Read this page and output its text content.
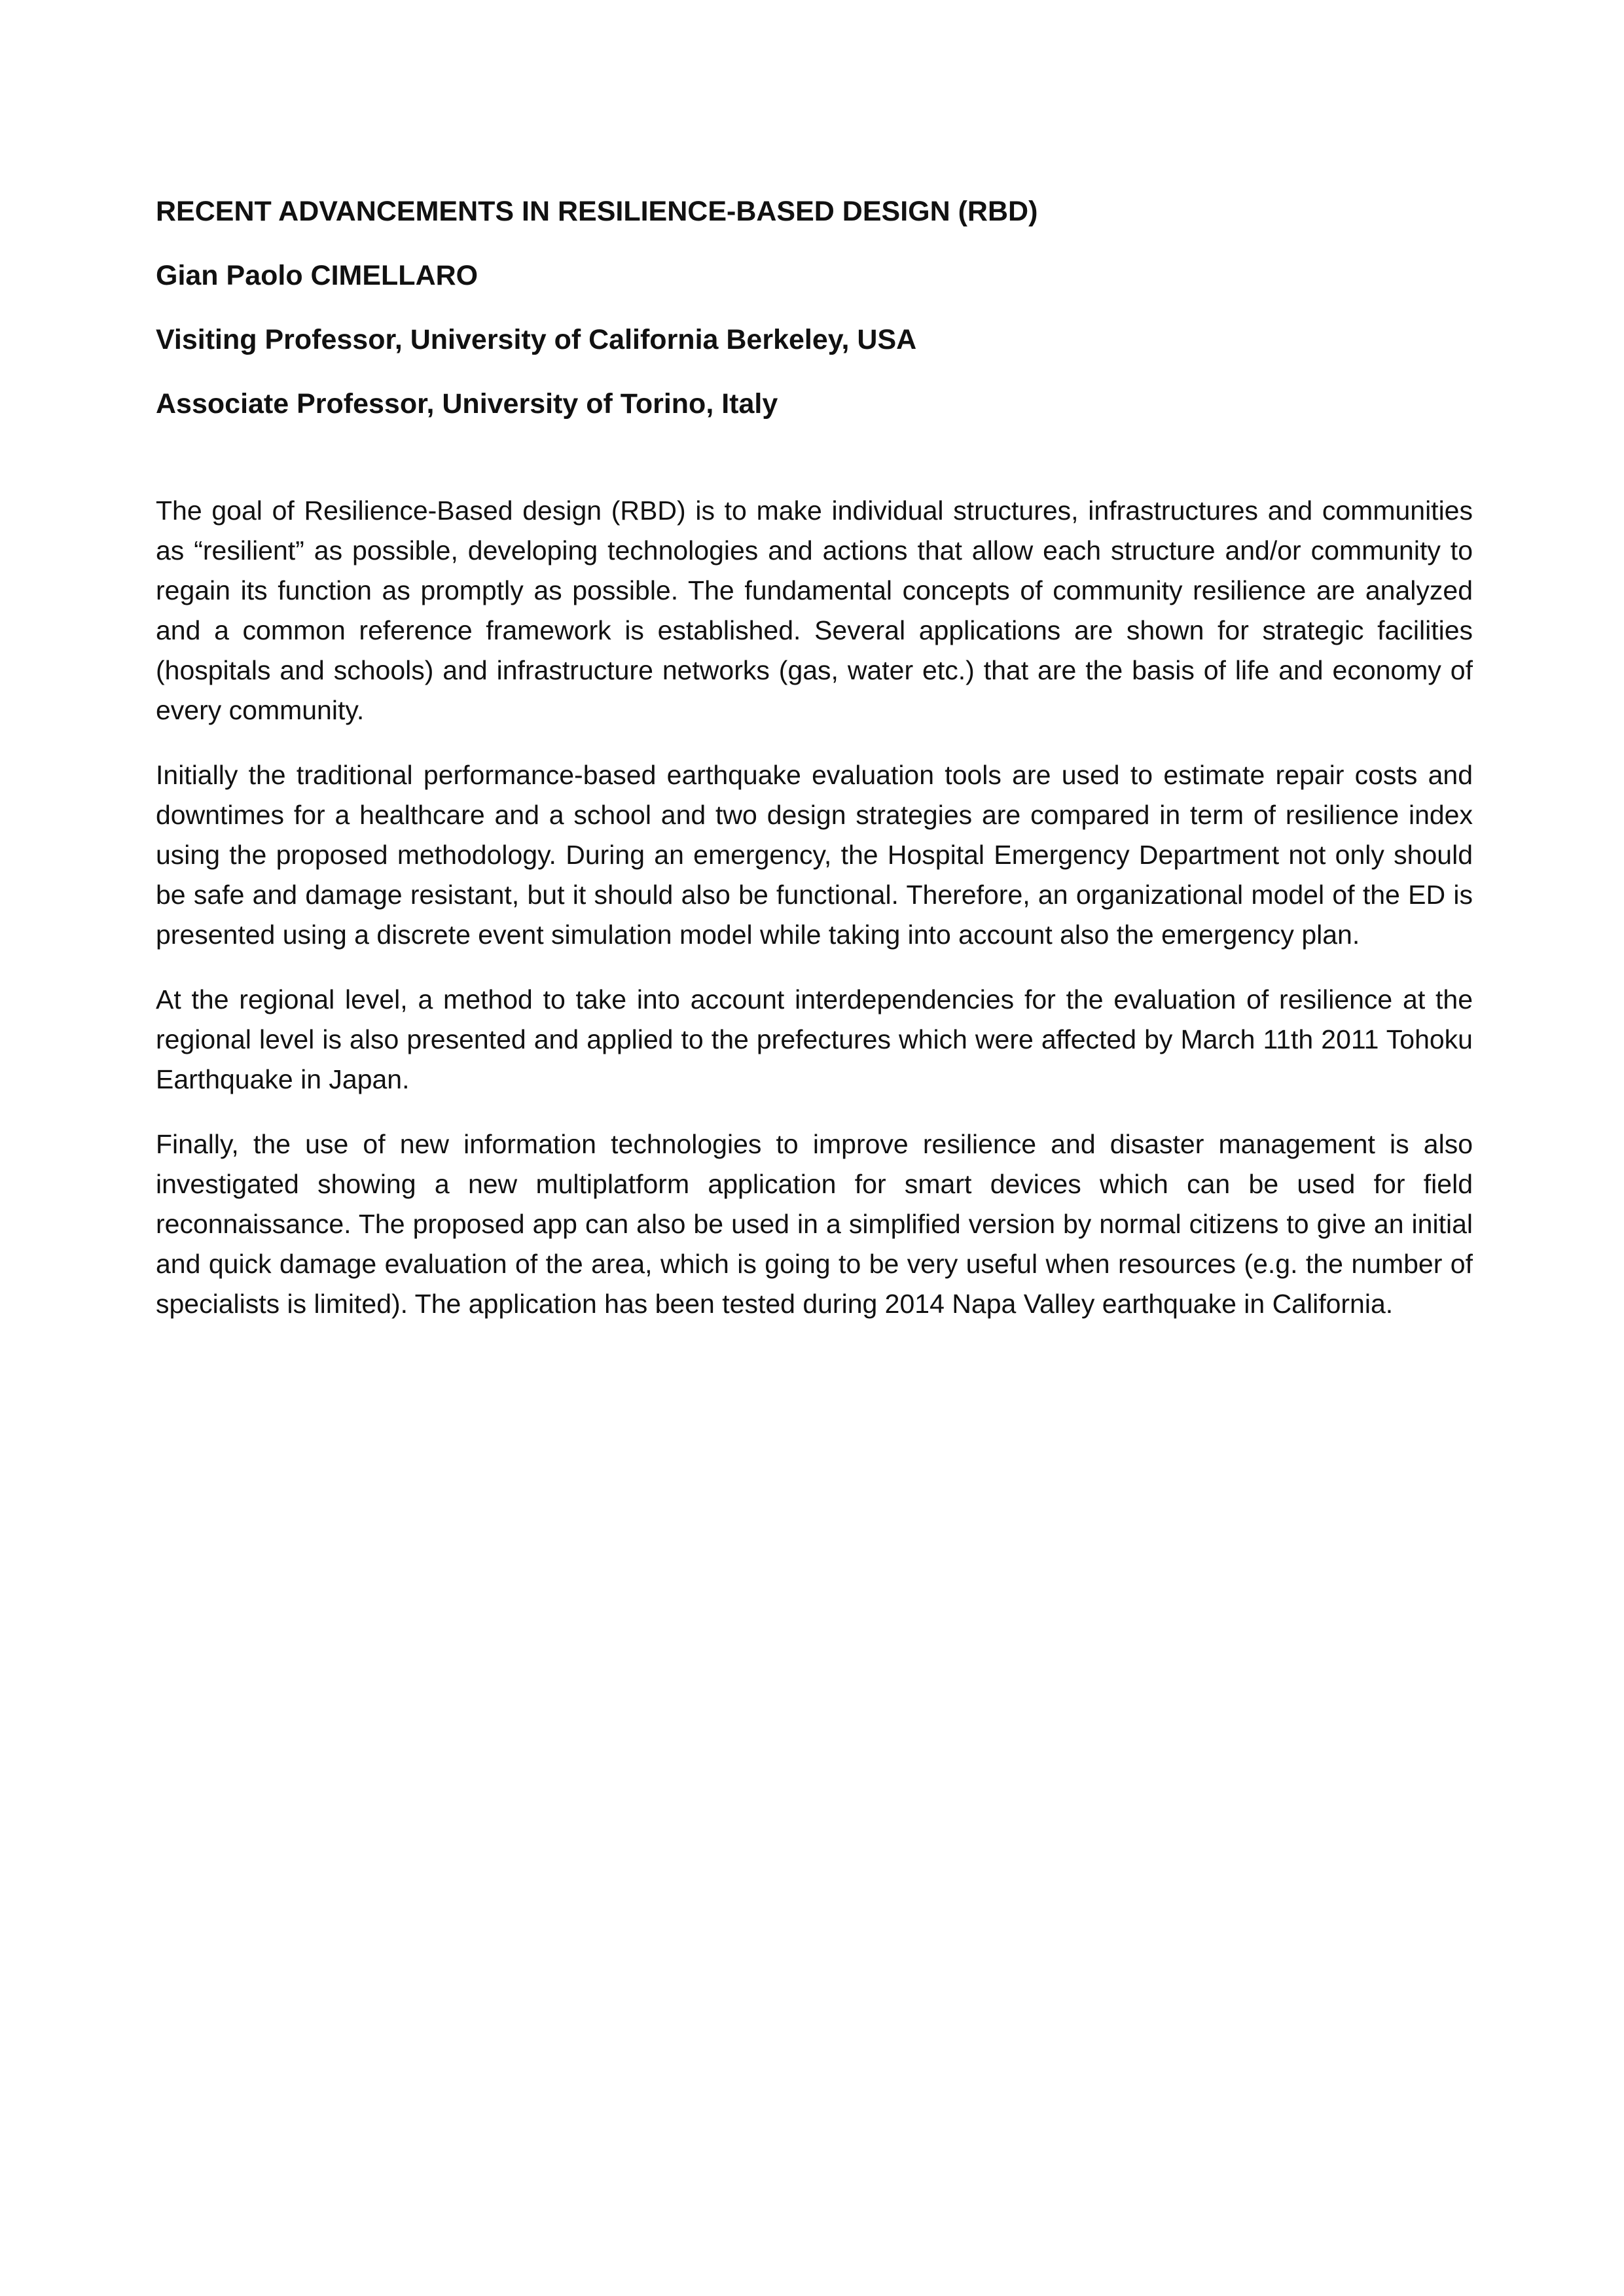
RECENT ADVANCEMENTS IN RESILIENCE-BASED DESIGN (RBD)
Gian Paolo CIMELLARO
Visiting Professor, University of California Berkeley, USA
Associate Professor, University of Torino, Italy

The goal of Resilience-Based design (RBD) is to make individual structures, infrastructures and communities as “resilient” as possible, developing technologies and actions that allow each structure and/or community to regain its function as promptly as possible. The fundamental concepts of community resilience are analyzed and a common reference framework is established. Several applications are shown for strategic facilities (hospitals and schools) and infrastructure networks (gas, water etc.) that are the basis of life and economy of every community.

Initially the traditional performance-based earthquake evaluation tools are used to estimate repair costs and downtimes for a healthcare and a school and two design strategies are compared in term of resilience index using the proposed methodology. During an emergency, the Hospital Emergency Department not only should be safe and damage resistant, but it should also be functional. Therefore, an organizational model of the ED is presented using a discrete event simulation model while taking into account also the emergency plan.

At the regional level, a method to take into account interdependencies for the evaluation of resilience at the regional level is also presented and applied to the prefectures which were affected by March 11th 2011 Tohoku Earthquake in Japan.

Finally, the use of new information technologies to improve resilience and disaster management is also investigated showing a new multiplatform application for smart devices which can be used for field reconnaissance. The proposed app can also be used in a simplified version by normal citizens to give an initial and quick damage evaluation of the area, which is going to be very useful when resources (e.g. the number of specialists is limited). The application has been tested during 2014 Napa Valley earthquake in California.
